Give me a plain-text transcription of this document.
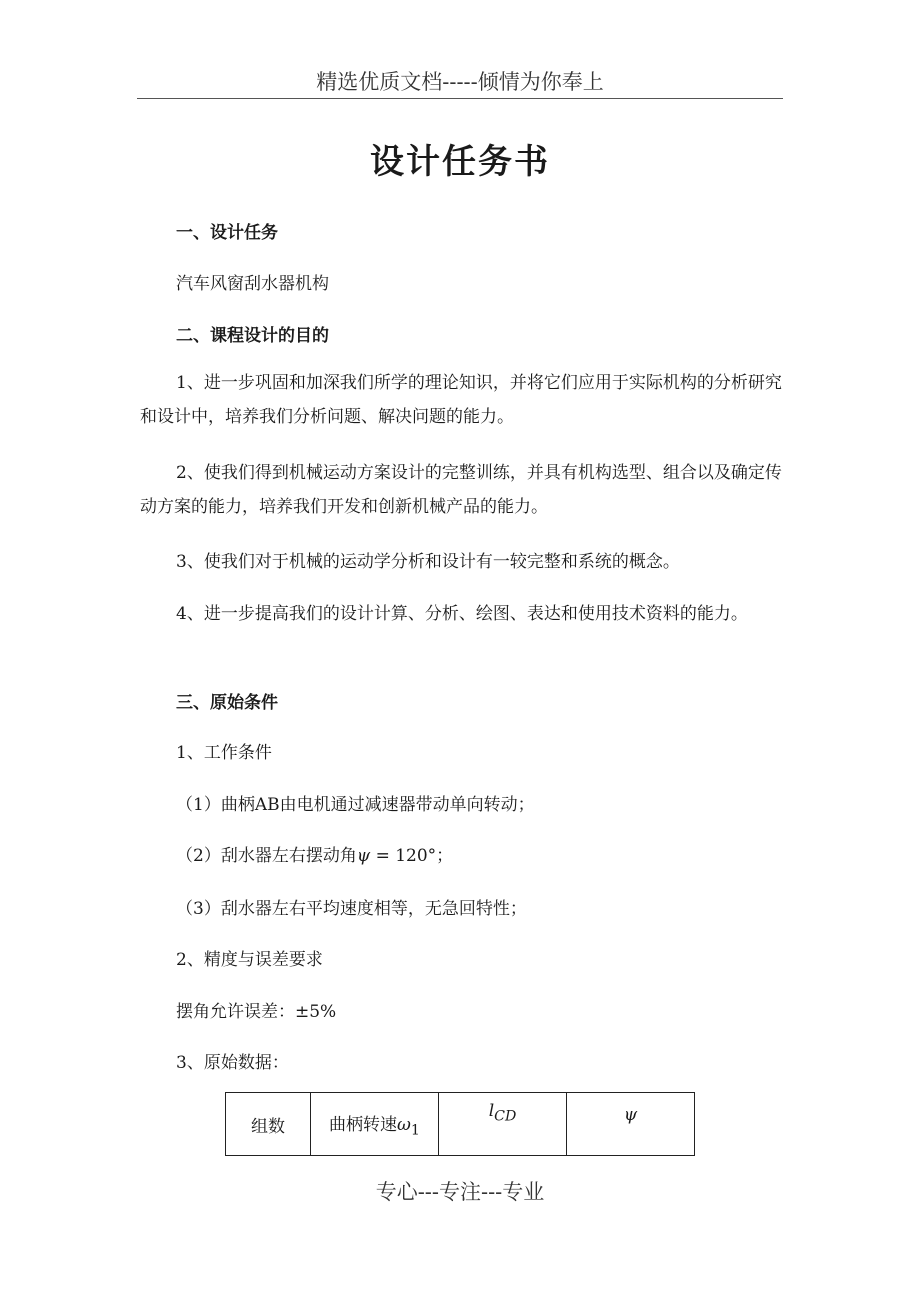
精选优质文档-----倾情为你奉上
设计任务书
一、设计任务
汽车风窗刮水器机构
二、课程设计的目的
1、进一步巩固和加深我们所学的理论知识，并将它们应用于实际机构的分析研究和设计中，培养我们分析问题、解决问题的能力。
2、使我们得到机械运动方案设计的完整训练，并具有机构选型、组合以及确定传动方案的能力，培养我们开发和创新机械产品的能力。
3、使我们对于机械的运动学分析和设计有一较完整和系统的概念。
4、进一步提高我们的设计计算、分析、绘图、表达和使用技术资料的能力。
三、原始条件
1、工作条件
（1）曲柄AB由电机通过减速器带动单向转动；
（2）刮水器左右摆动角ψ = 120°；
（3）刮水器左右平均速度相等，无急回特性；
2、精度与误差要求
摆角允许误差：±5%
3、原始数据：
组数	曲柄转速$\omega_1$	$l_{CD}$	ψ
专心---专注---专业
